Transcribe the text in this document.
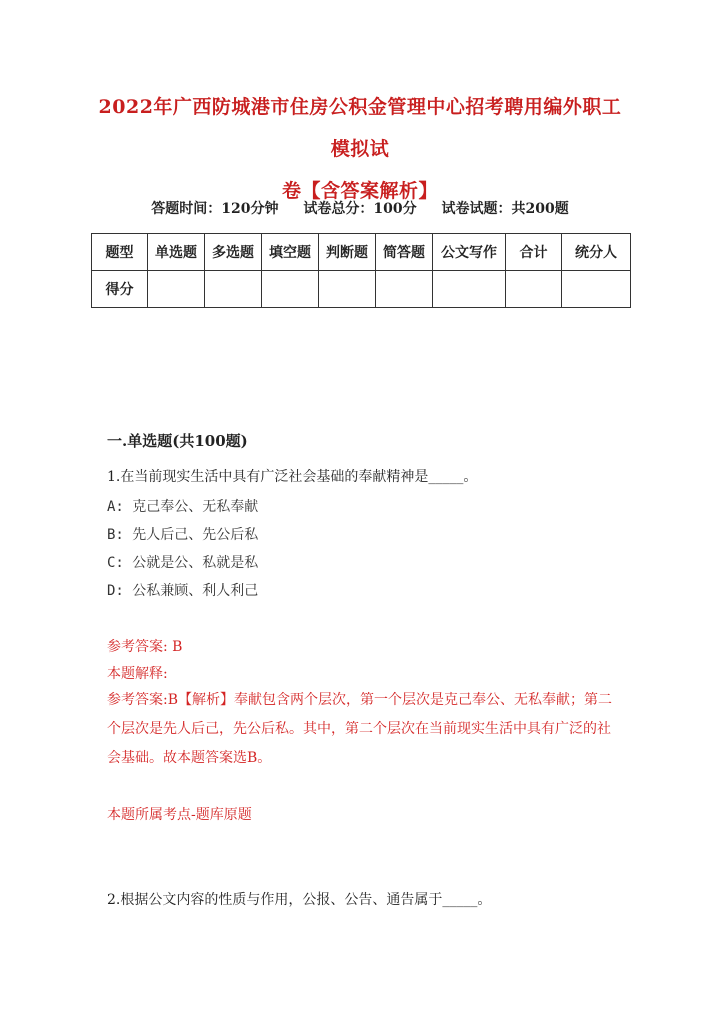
2022年广西防城港市住房公积金管理中心招考聘用编外职工模拟试
卷【含答案解析】
答题时间：120分钟 试卷总分：100分 试卷试题：共200题
题型	单选题	多选题	填空题	判断题	简答题	公文写作	合计	统分人
得分								
一.单选题(共100题)
1.在当前现实生活中具有广泛社会基础的奉献精神是_____。
A: 克己奉公、无私奉献
B: 先人后己、先公后私
C: 公就是公、私就是私
D: 公私兼顾、利人利己
参考答案: B
本题解释:
参考答案:B【解析】奉献包含两个层次，第一个层次是克己奉公、无私奉献；第二个层次是先人后己，先公后私。其中，第二个层次在当前现实生活中具有广泛的社会基础。故本题答案选B。
本题所属考点-题库原题
2.根据公文内容的性质与作用，公报、公告、通告属于_____。
